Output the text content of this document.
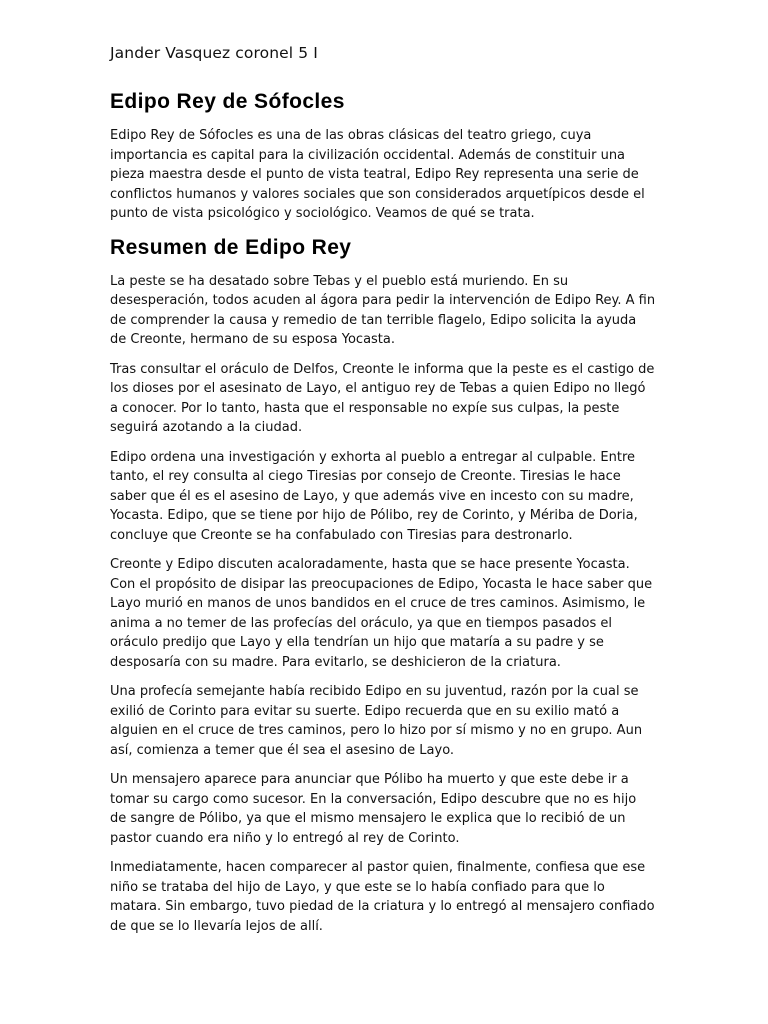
Jander Vasquez coronel 5 I
Edipo Rey de Sófocles

Edipo Rey de Sófocles es una de las obras clásicas del teatro griego, cuya importancia es capital para la civilización occidental. Además de constituir una pieza maestra desde el punto de vista teatral, Edipo Rey representa una serie de conflictos humanos y valores sociales que son considerados arquetípicos desde el punto de vista psicológico y sociológico. Veamos de qué se trata.

Resumen de Edipo Rey

La peste se ha desatado sobre Tebas y el pueblo está muriendo. En su desesperación, todos acuden al ágora para pedir la intervención de Edipo Rey. A fin de comprender la causa y remedio de tan terrible flagelo, Edipo solicita la ayuda de Creonte, hermano de su esposa Yocasta.

Tras consultar el oráculo de Delfos, Creonte le informa que la peste es el castigo de los dioses por el asesinato de Layo, el antiguo rey de Tebas a quien Edipo no llegó a conocer. Por lo tanto, hasta que el responsable no expíe sus culpas, la peste seguirá azotando a la ciudad.

Edipo ordena una investigación y exhorta al pueblo a entregar al culpable. Entre tanto, el rey consulta al ciego Tiresias por consejo de Creonte. Tiresias le hace saber que él es el asesino de Layo, y que además vive en incesto con su madre, Yocasta. Edipo, que se tiene por hijo de Pólibo, rey de Corinto, y Mériba de Doria, concluye que Creonte se ha confabulado con Tiresias para destronarlo.

Creonte y Edipo discuten acaloradamente, hasta que se hace presente Yocasta. Con el propósito de disipar las preocupaciones de Edipo, Yocasta le hace saber que Layo murió en manos de unos bandidos en el cruce de tres caminos. Asimismo, le anima a no temer de las profecías del oráculo, ya que en tiempos pasados el oráculo predijo que Layo y ella tendrían un hijo que mataría a su padre y se desposaría con su madre. Para evitarlo, se deshicieron de la criatura.

Una profecía semejante había recibido Edipo en su juventud, razón por la cual se exilió de Corinto para evitar su suerte. Edipo recuerda que en su exilio mató a alguien en el cruce de tres caminos, pero lo hizo por sí mismo y no en grupo. Aun así, comienza a temer que él sea el asesino de Layo.

Un mensajero aparece para anunciar que Pólibo ha muerto y que este debe ir a tomar su cargo como sucesor. En la conversación, Edipo descubre que no es hijo de sangre de Pólibo, ya que el mismo mensajero le explica que lo recibió de un pastor cuando era niño y lo entregó al rey de Corinto.

Inmediatamente, hacen comparecer al pastor quien, finalmente, confiesa que ese niño se trataba del hijo de Layo, y que este se lo había confiado para que lo matara. Sin embargo, tuvo piedad de la criatura y lo entregó al mensajero confiado de que se lo llevaría lejos de allí.
